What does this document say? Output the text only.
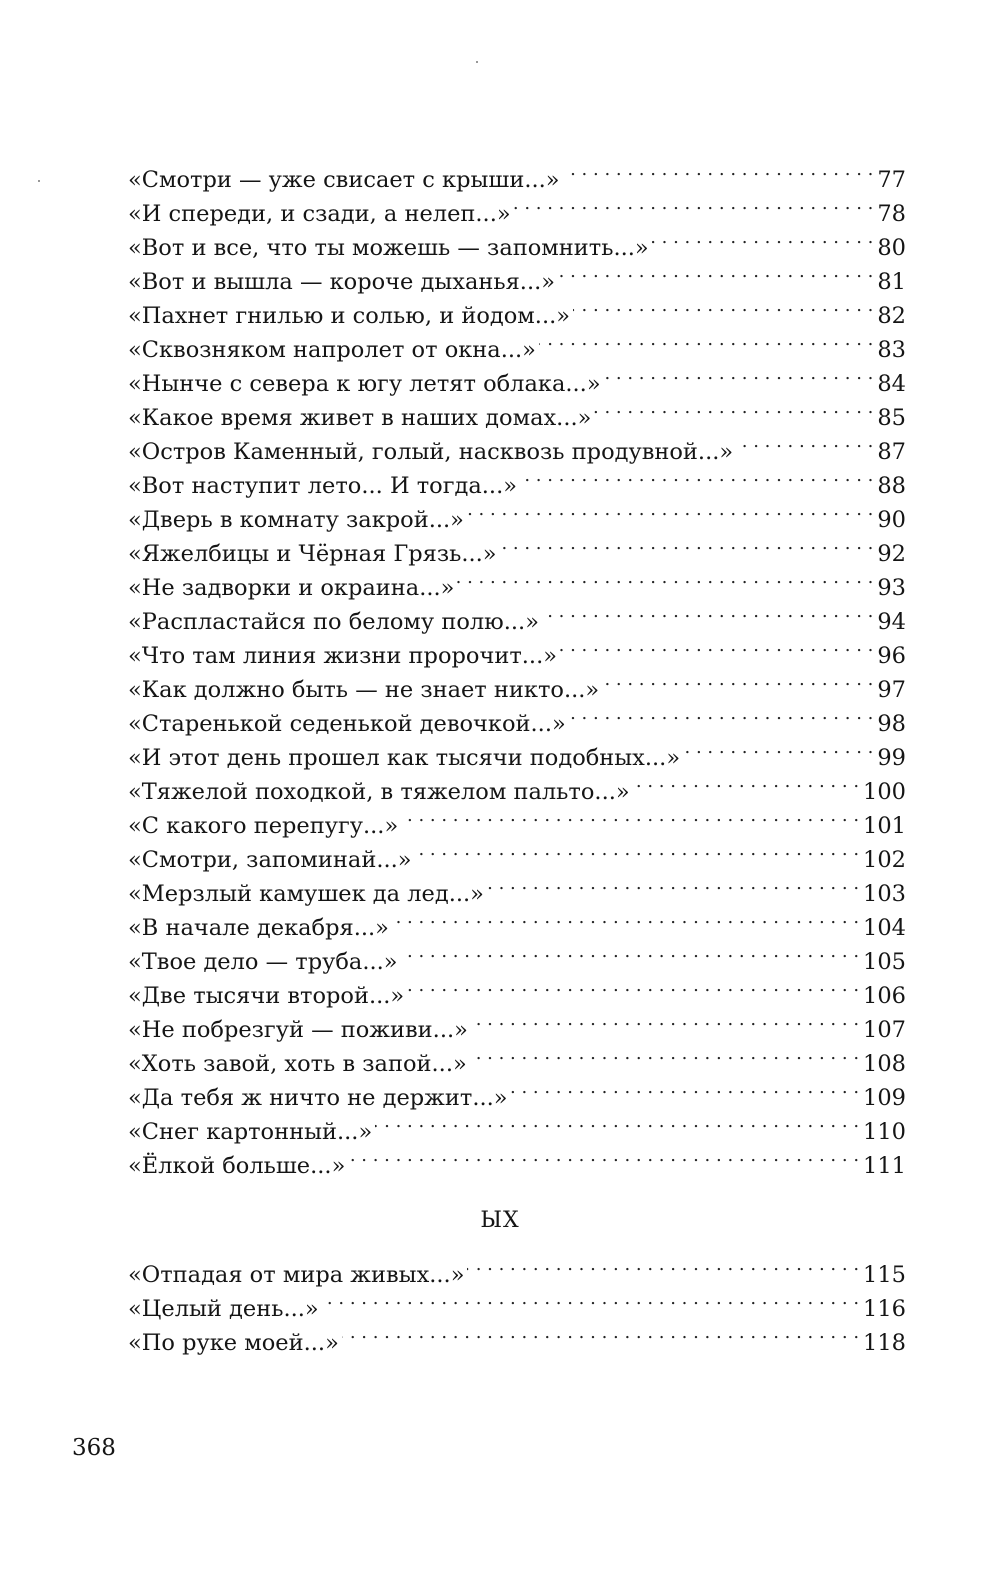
«Смотри — уже свисает с крыши...» . . .	77
«И спереди, и сзади, а нелеп...» . . .	78
«Вот и все, что ты можешь — запомнить...» . . .	80
«Вот и вышла — короче дыханья...» . . .	81
«Пахнет гнилью и солью, и йодом...» . . .	82
«Сквозняком напролет от окна...» . . .	83
«Нынче с севера к югу летят облака...» . . .	84
«Какое время живет в наших домах...» . . .	85
«Остров Каменный, голый, насквозь продувной...» . . .	87
«Вот наступит лето... И тогда...» . . .	88
«Дверь в комнату закрой...» . . .	90
«Яжелбицы и Чёрная Грязь...» . . .	92
«Не задворки и окраина...» . . .	93
«Распластайся по белому полю...» . . .	94
«Что там линия жизни пророчит...» . . .	96
«Как должно быть — не знает никто...» . . .	97
«Старенькой седенькой девочкой...» . . .	98
«И этот день прошел как тысячи подобных...» . . .	99
«Тяжелой походкой, в тяжелом пальто...» . . .	100
«С какого перепугу...» . . .	101
«Смотри, запоминай...» . . .	102
«Мерзлый камушек да лед...» . . .	103
«В начале декабря...» . . .	104
«Твое дело — труба...» . . .	105
«Две тысячи второй...» . . .	106
«Не побрезгуй — поживи...» . . .	107
«Хоть завой, хоть в запой...» . . .	108
«Да тебя ж ничто не держит...» . . .	109
«Снег картонный...» . . .	110
«Ёлкой больше...» . . .	111
ЫХ
«Отпадая от мира живых...» . . .	115
«Целый день...» . . .	116
«По руке моей...» . . .	118
368
